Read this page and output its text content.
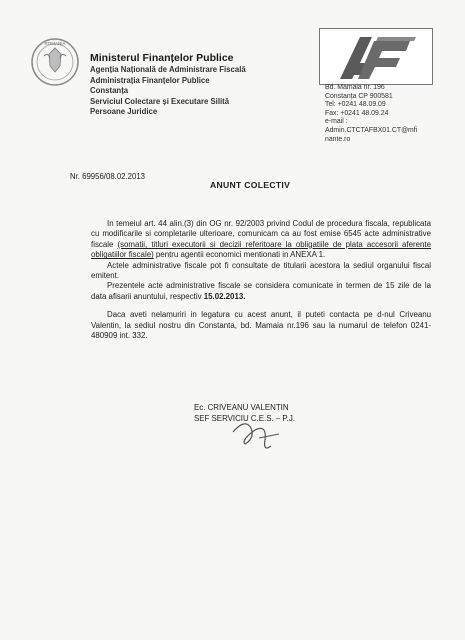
ROMANIA
Ministerul Finanțelor Publice
Agenția Națională de Administrare Fiscală
Administrația Finanțelor Publice
Constanța
Serviciul Colectare și Executare Silită
Persoane Juridice
Bd. Mamaia nr. 196
Constanța CP 900581
Tel: +0241 48.09.09
Fax: +0241 48.09.24
e-mail :
Admin.CTCTAFBX01.CT@mfi
nante.ro
Nr. 69956/08.02.2013
ANUNT COLECTIV

In temeiul art. 44 alin.(3) din OG nr. 92/2003 privind Codul de procedura fiscala, republicata cu modificarile si completarile ulterioare, comunicam ca au fost emise 6545 acte administrative fiscale (somatii, titluri executorii si decizii referitoare la obligatiile de plata accesorii aferente obligatiilor fiscale) pentru agentii economici mentionati in ANEXA 1.

Actele administrative fiscale pot fi consultate de titularii acestora la sediul organului fiscal emitent.

Prezentele acte administrative fiscale se considera comunicate in termen de 15 zile de la data afisarii anuntului, respectiv 15.02.2013.

Daca aveti nelamuriri in legatura cu acest anunt, il puteti contacta pe d-nul Criveanu Valentin, la sediul nostru din Constanta, bd. Mamaia nr.196 sau la numarul de telefon 0241-480909 int. 332.

Ec. CRIVEANU VALENTIN
SEF SERVICIU C.E.S. – P.J.
